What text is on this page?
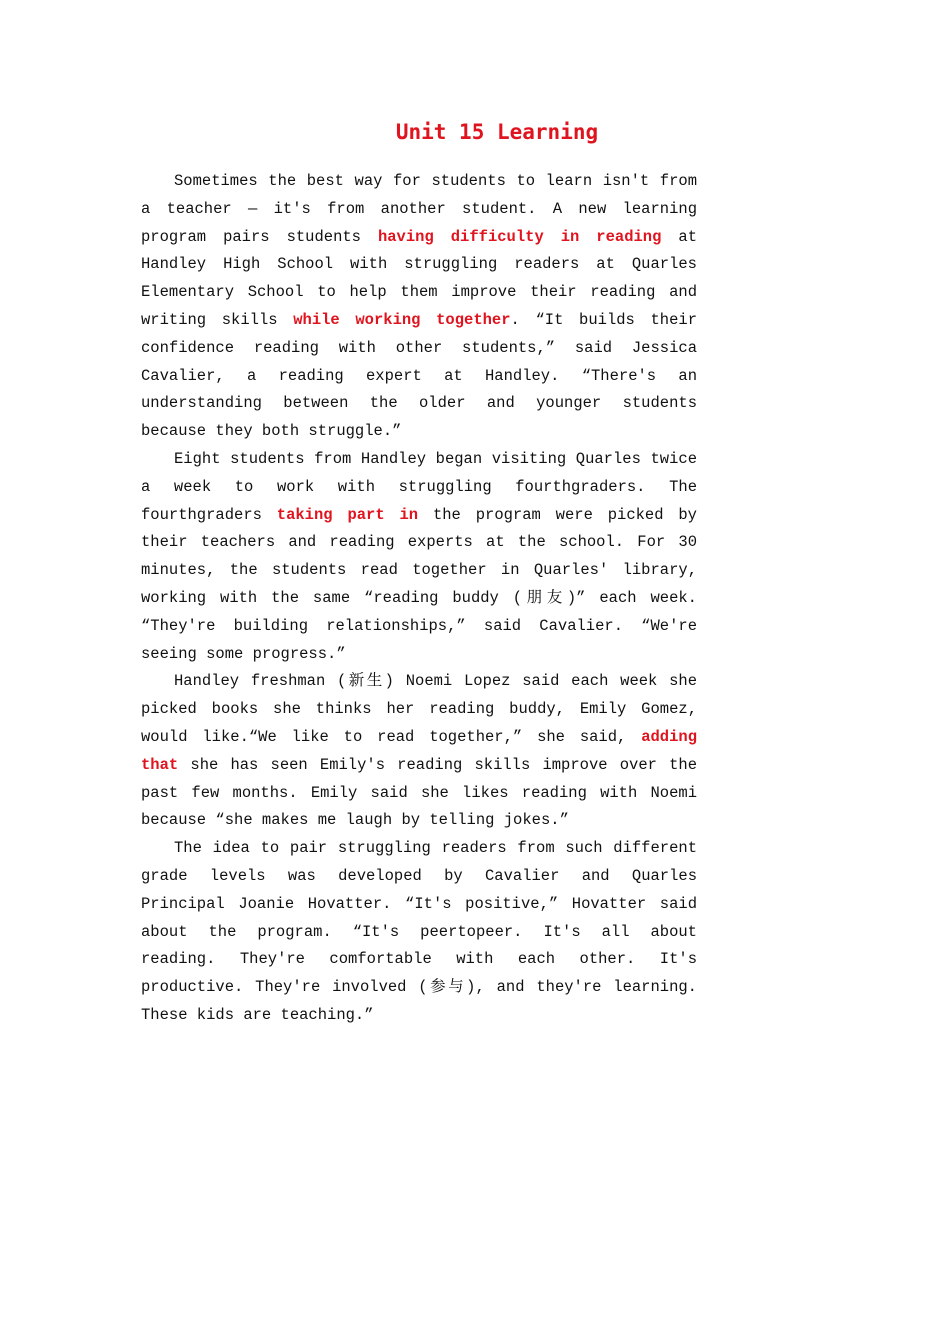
Unit 15 Learning

Sometimes the best way for students to learn isn't from a teacher — it's from another student. A new learning program pairs students having difficulty in reading at Handley High School with struggling readers at Quarles Elementary School to help them improve their reading and writing skills while working together. “It builds their confidence reading with other students,” said Jessica Cavalier, a reading expert at Handley. “There's an understanding between the older and younger students because they both struggle.”

Eight students from Handley began visiting Quarles twice a week to work with struggling fourthgraders. The fourthgraders taking part in the program were picked by their teachers and reading experts at the school. For 30 minutes, the students read together in Quarles' library, working with the same “reading buddy (朋友)” each week. “They're building relationships,” said Cavalier. “We're seeing some progress.”

Handley freshman (新生) Noemi Lopez said each week she picked books she thinks her reading buddy, Emily Gomez, would like.“We like to read together,” she said, adding that she has seen Emily's reading skills improve over the past few months. Emily said she likes reading with Noemi because “she makes me laugh by telling jokes.”

The idea to pair struggling readers from such different grade levels was developed by Cavalier and Quarles Principal Joanie Hovatter. “It's positive,” Hovatter said about the program. “It's peertopeer. It's all about reading. They're comfortable with each other. It's productive. They're involved (参与), and they're learning. These kids are teaching.”
